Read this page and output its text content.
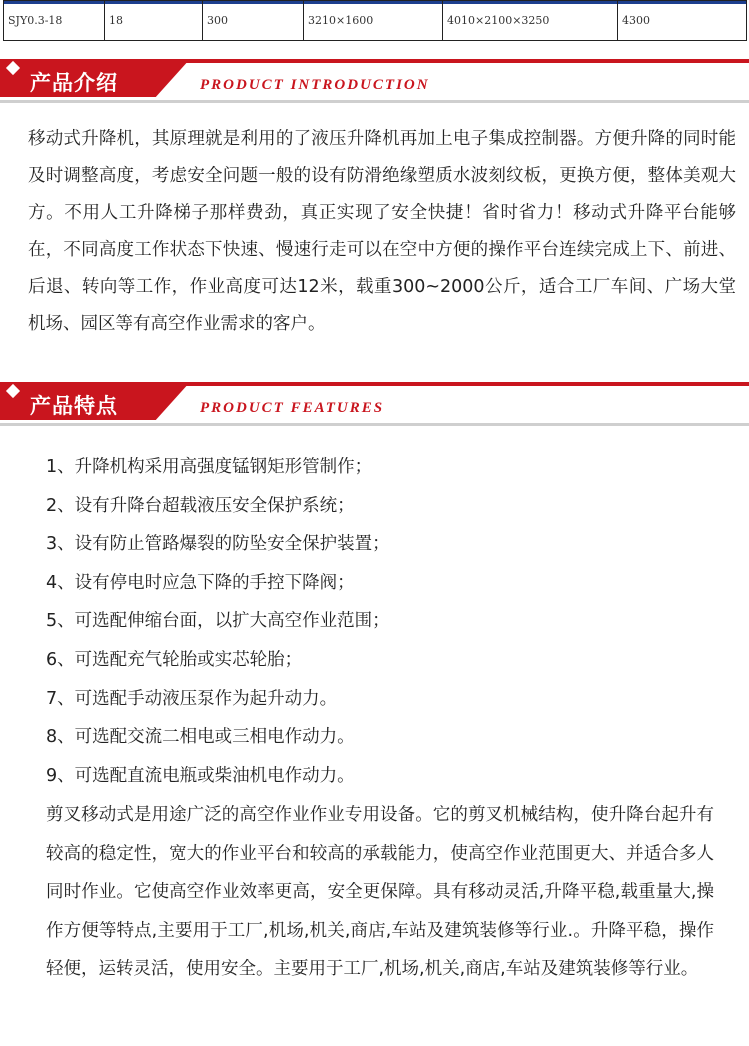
SJY0.3-18	18	300	3210×1600	4010×2100×3250	4300
产品介绍	PRODUCT INTRODUCTION

移动式升降机，其原理就是利用的了液压升降机再加上电子集成控制器。方便升降的同时能及时调整高度，考虑安全问题一般的设有防滑绝缘塑质水波刻纹板，更换方便，整体美观大方。不用人工升降梯子那样费劲，真正实现了安全快捷！省时省力！移动式升降平台能够在，不同高度工作状态下快速、慢速行走可以在空中方便的操作平台连续完成上下、前进、后退、转向等工作，作业高度可达12米，载重300~2000公斤，适合工厂车间、广场大堂机场、园区等有高空作业需求的客户。

产品特点	PRODUCT FEATURES
1、升降机构采用高强度锰钢矩形管制作；
2、设有升降台超载液压安全保护系统；
3、设有防止管路爆裂的防坠安全保护装置；
4、设有停电时应急下降的手控下降阀；
5、可选配伸缩台面，以扩大高空作业范围；
6、可选配充气轮胎或实芯轮胎；
7、可选配手动液压泵作为起升动力。
8、可选配交流二相电或三相电作动力。
9、可选配直流电瓶或柴油机电作动力。

剪叉移动式是用途广泛的高空作业作业专用设备。它的剪叉机械结构，使升降台起升有较高的稳定性，宽大的作业平台和较高的承载能力，使高空作业范围更大、并适合多人同时作业。它使高空作业效率更高，安全更保障。具有移动灵活,升降平稳,载重量大,操作方便等特点,主要用于工厂,机场,机关,商店,车站及建筑装修等行业.。升降平稳，操作轻便，运转灵活，使用安全。主要用于工厂,机场,机关,商店,车站及建筑装修等行业。
